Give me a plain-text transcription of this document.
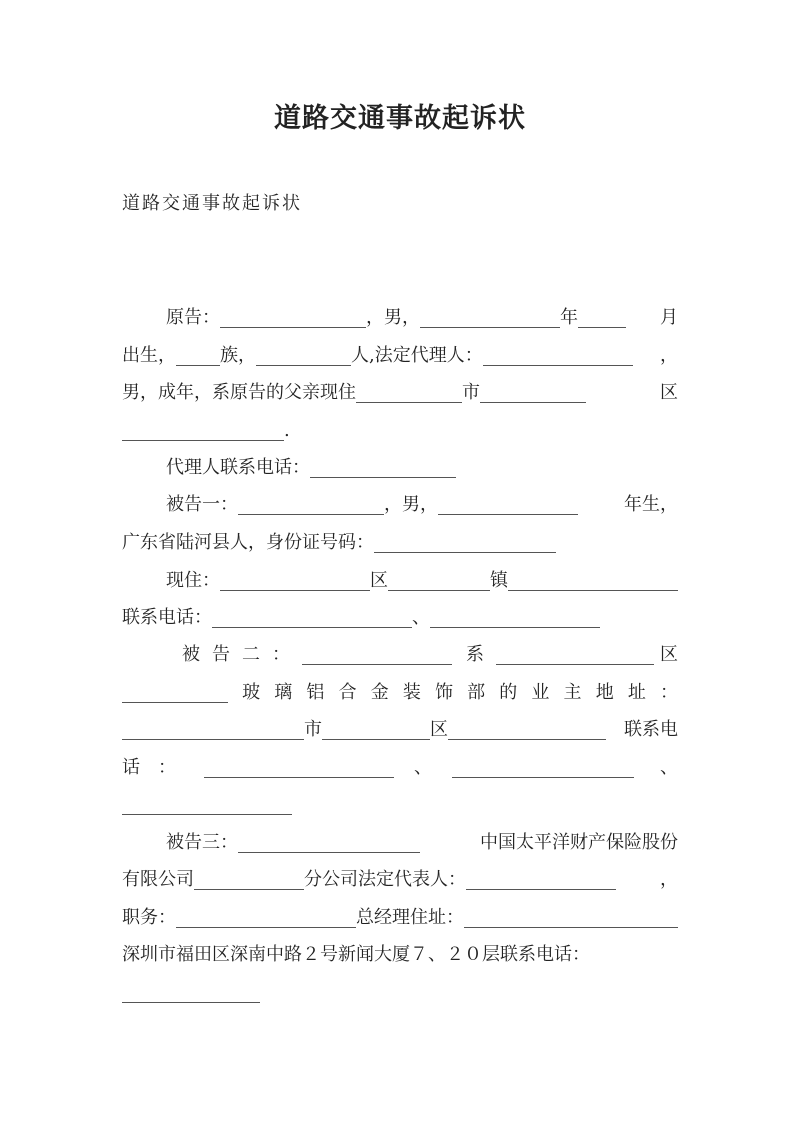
道路交通事故起诉状
道路交通事故起诉状
原告：	，男，	年	月
出生， 族，	人,法定代理人：	，
男，成年，系原告的父亲现住	市	区
.
代理人联系电话：
被告一：	，男，	年生，
广东省陆河县人，身份证号码：
现住：	区	镇
联系电话：	、
被 告 二 ：	系	区
玻 璃 铝 合 金 装 饰 部 的 业 主 地 址 ：
市	区	联系电
话 ：	、	、
被告三：	中国太平洋财产保险股份
有限公司	分公司法定代表人：	，
职务：	总经理住址：
深圳市福田区深南中路２号新闻大厦７、２０层联系电话：
